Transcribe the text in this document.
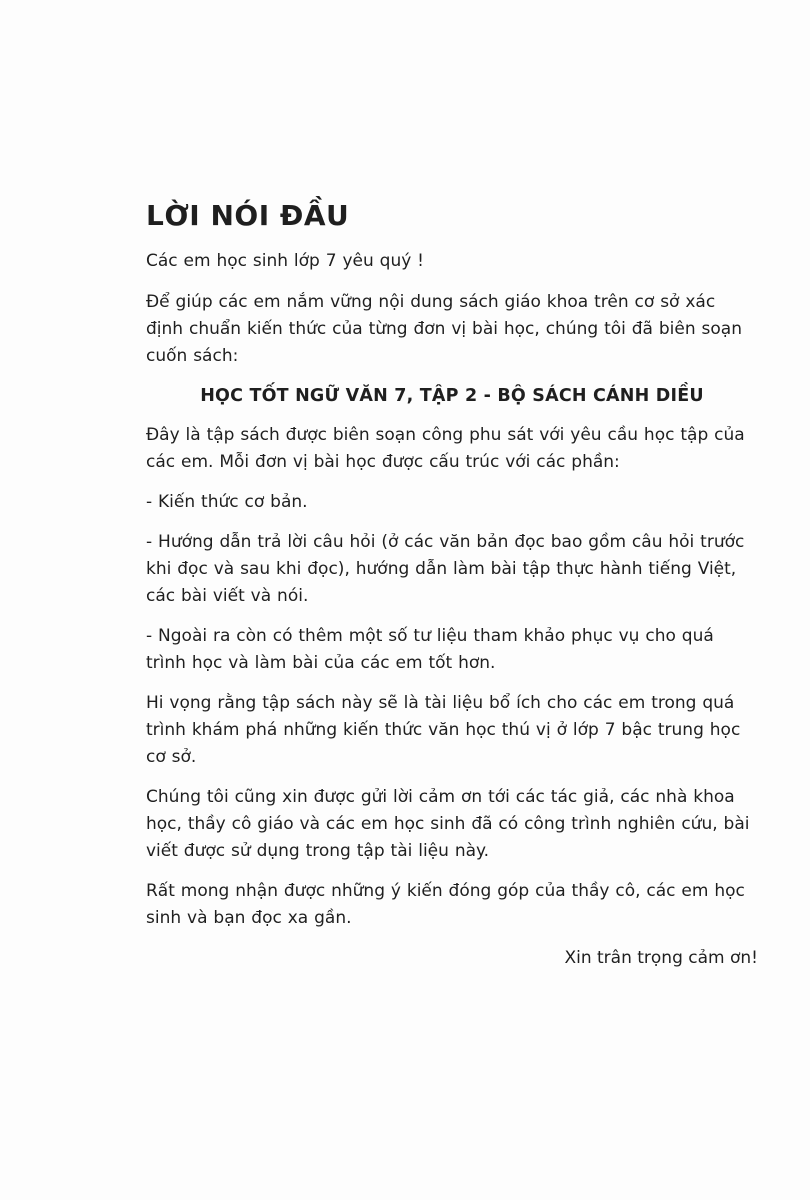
LỜI NÓI ĐẦU

Các em học sinh lớp 7 yêu quý !

Để giúp các em nắm vững nội dung sách giáo khoa trên cơ sở xác định chuẩn kiến thức của từng đơn vị bài học, chúng tôi đã biên soạn cuốn sách:

HỌC TỐT NGỮ VĂN 7, TẬP 2 - BỘ SÁCH CÁNH DIỀU

Đây là tập sách được biên soạn công phu sát với yêu cầu học tập của các em. Mỗi đơn vị bài học được cấu trúc với các phần:

- Kiến thức cơ bản.

- Hướng dẫn trả lời câu hỏi (ở các văn bản đọc bao gồm câu hỏi trước khi đọc và sau khi đọc), hướng dẫn làm bài tập thực hành tiếng Việt, các bài viết và nói.

- Ngoài ra còn có thêm một số tư liệu tham khảo phục vụ cho quá trình học và làm bài của các em tốt hơn.

Hi vọng rằng tập sách này sẽ là tài liệu bổ ích cho các em trong quá trình khám phá những kiến thức văn học thú vị ở lớp 7 bậc trung học cơ sở.

Chúng tôi cũng xin được gửi lời cảm ơn tới các tác giả, các nhà khoa học, thầy cô giáo và các em học sinh đã có công trình nghiên cứu, bài viết được sử dụng trong tập tài liệu này.

Rất mong nhận được những ý kiến đóng góp của thầy cô, các em học sinh và bạn đọc xa gần.

Xin trân trọng cảm ơn!
